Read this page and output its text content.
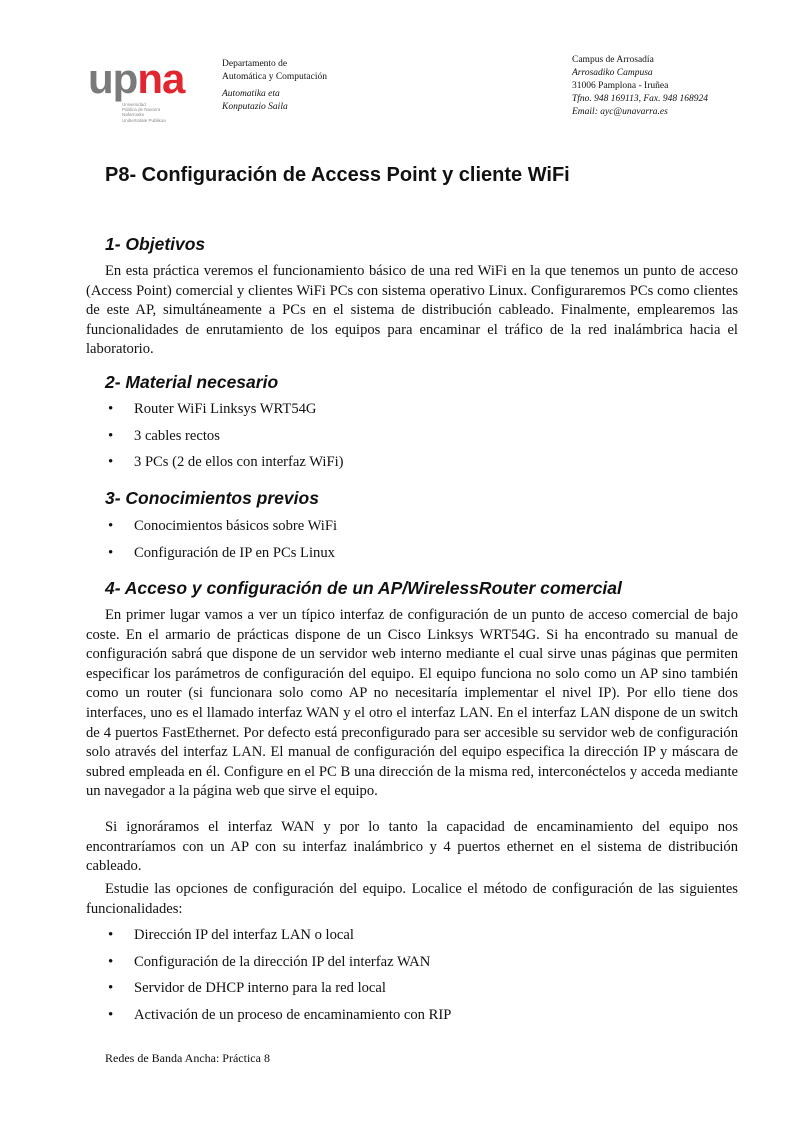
upna
Universidad
Pública de Navarra
Nafarroako
Unibertsitate Publikoa
Departamento de
Automática y Computación
Automatika eta
Konputazio Saila
Campus de Arrosadía
Arrosadiko Campusa
31006 Pamplona - Iruñea
Tfno. 948 169113, Fax. 948 168924
Email: ayc@unavarra.es
P8- Configuración de Access Point y cliente WiFi
1- Objetivos
En esta práctica veremos el funcionamiento básico de una red WiFi en la que tenemos un punto de acceso (Access Point) comercial y clientes WiFi PCs con sistema operativo Linux. Configuraremos PCs como clientes de este AP, simultáneamente a PCs en el sistema de distribución cableado. Finalmente, emplearemos las funcionalidades de enrutamiento de los equipos para encaminar el tráfico de la red inalámbrica hacia el laboratorio.
2- Material necesario
• Router WiFi Linksys WRT54G
• 3 cables rectos
• 3 PCs (2 de ellos con interfaz WiFi)
3- Conocimientos previos
• Conocimientos básicos sobre WiFi
• Configuración de IP en PCs Linux
4- Acceso y configuración de un AP/WirelessRouter comercial
En primer lugar vamos a ver un típico interfaz de configuración de un punto de acceso comercial de bajo coste. En el armario de prácticas dispone de un Cisco Linksys WRT54G. Si ha encontrado su manual de configuración sabrá que dispone de un servidor web interno mediante el cual sirve unas páginas que permiten especificar los parámetros de configuración del equipo. El equipo funciona no solo como un AP sino también como un router (si funcionara solo como AP no necesitaría implementar el nivel IP). Por ello tiene dos interfaces, uno es el llamado interfaz WAN y el otro el interfaz LAN. En el interfaz LAN dispone de un switch de 4 puertos FastEthernet. Por defecto está preconfigurado para ser accesible su servidor web de configuración solo através del interfaz LAN. El manual de configuración del equipo especifica la dirección IP y máscara de subred empleada en él. Configure en el PC B una dirección de la misma red, interconéctelos y acceda mediante un navegador a la página web que sirve el equipo.
Si ignoráramos el interfaz WAN y por lo tanto la capacidad de encaminamiento del equipo nos encontraríamos con un AP con su interfaz inalámbrico y 4 puertos ethernet en el sistema de distribución cableado.
Estudie las opciones de configuración del equipo. Localice el método de configuración de las siguientes funcionalidades:
• Dirección IP del interfaz LAN o local
• Configuración de la dirección IP del interfaz WAN
• Servidor de DHCP interno para la red local
• Activación de un proceso de encaminamiento con RIP
Redes de Banda Ancha: Práctica 8
